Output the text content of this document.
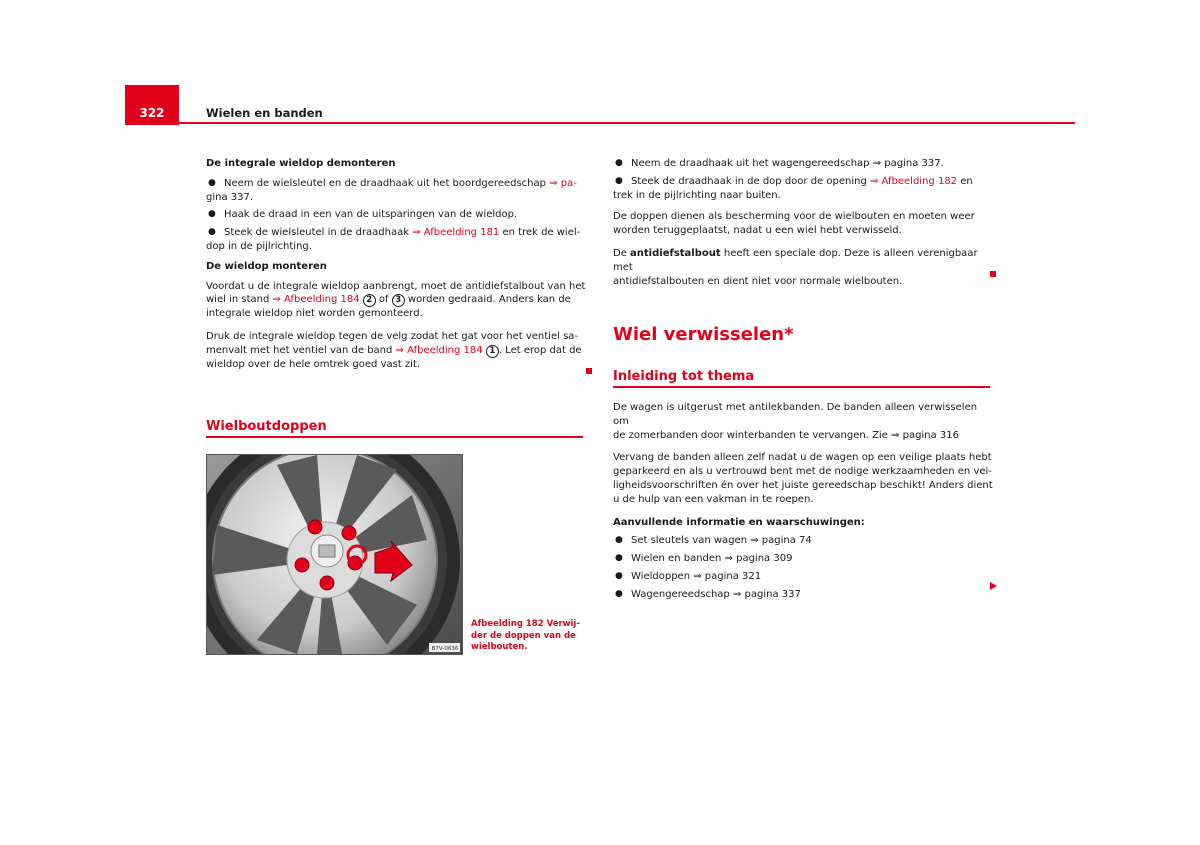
322	Wielen en banden

De integrale wieldop demonteren

● Neem de wielsleutel en de draadhaak uit het boordgereedschap ⇒ pa-
gina 337.
● Haak de draad in een van de uitsparingen van de wieldop.
● Steek de wielsleutel in de draadhaak ⇒ Afbeelding 181 en trek de wiel-
dop in de pijlrichting.

De wieldop monteren

Voordat u de integrale wieldop aanbrengt, moet de antidiefstalbout van het
wiel in stand ⇒ Afbeelding 184 2 of 3 worden gedraaid. Anders kan de
integrale wieldop niet worden gemonteerd.

Druk de integrale wieldop tegen de velg zodat het gat voor het ventiel sa-
menvalt met het ventiel van de band ⇒ Afbeelding 184 1 . Let erop dat de
wieldop over de hele omtrek goed vast zit.

Wielboutdoppen
B7V-0636
Afbeelding 182 Verwij-
der de doppen van de
wielbouten.
● Neem de draadhaak uit het wagengereedschap ⇒ pagina 337.
● Steek de draadhaak in de dop door de opening ⇒ Afbeelding 182 en
trek in de pijlrichting naar buiten.

De doppen dienen als bescherming voor de wielbouten en moeten weer
worden teruggeplaatst, nadat u een wiel hebt verwisseld.

De antidiefstalbout heeft een speciale dop. Deze is alleen verenigbaar met
antidiefstalbouten en dient niet voor normale wielbouten.

Wiel verwisselen*
Inleiding tot thema

De wagen is uitgerust met antilekbanden. De banden alleen verwisselen om
de zomerbanden door winterbanden te vervangen. Zie ⇒ pagina 316

Vervang de banden alleen zelf nadat u de wagen op een veilige plaats hebt
geparkeerd en als u vertrouwd bent met de nodige werkzaamheden en vei-
ligheidsvoorschriften én over het juiste gereedschap beschikt! Anders dient
u de hulp van een vakman in te roepen.

Aanvullende informatie en waarschuwingen:

● Set sleutels van wagen ⇒ pagina 74
● Wielen en banden ⇒ pagina 309
● Wieldoppen ⇒ pagina 321
● Wagengereedschap ⇒ pagina 337
